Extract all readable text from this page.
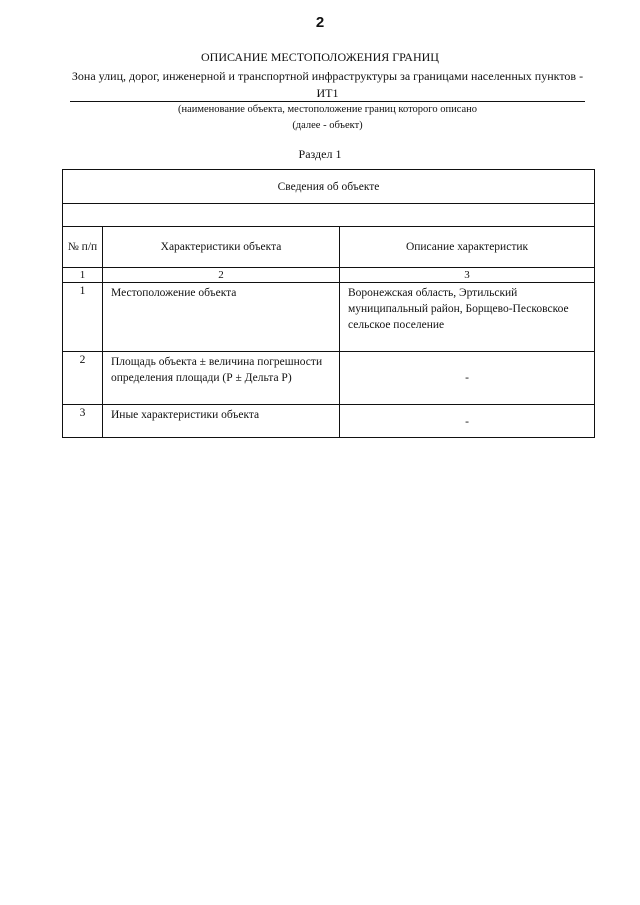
2
ОПИСАНИЕ МЕСТОПОЛОЖЕНИЯ ГРАНИЦ
Зона улиц, дорог, инженерной и транспортной инфраструктуры за границами населенных пунктов - ИТ1
(наименование объекта, местоположение границ которого описано
(далее - объект)
Раздел 1
Сведения об объекте		

№ п/п	Характеристики объекта	Описание характеристик
1	2	3
1	Местоположение объекта	Воронежская область, Эртильский муниципальный район, Борщево-Песковское сельское поселение
2	Площадь объекта ± величина погрешности определения площади (Р ± Дельта Р)	-
3	Иные характеристики объекта	-
